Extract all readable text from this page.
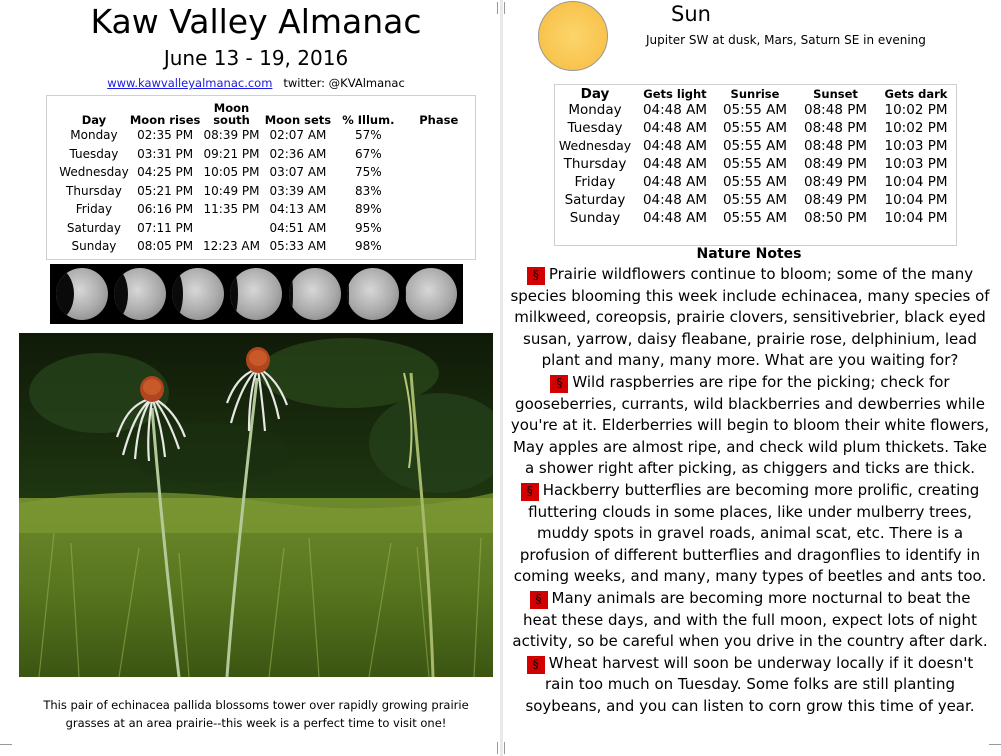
Kaw Valley Almanac
June 13 - 19, 2016
www.kawvalleyalmanac.com twitter: @KVAlmanac
Day	Moon rises	Moon south	Moon sets	% Illum.	Phase
Monday	02:35 PM	08:39 PM	02:07 AM	57%	
Tuesday	03:31 PM	09:21 PM	02:36 AM	67%	
Wednesday	04:25 PM	10:05 PM	03:07 AM	75%	
Thursday	05:21 PM	10:49 PM	03:39 AM	83%	
Friday	06:16 PM	11:35 PM	04:13 AM	89%	
Saturday	07:11 PM		04:51 AM	95%	
Sunday	08:05 PM	12:23 AM	05:33 AM	98%	
This pair of echinacea pallida blossoms tower over rapidly growing prairie
grasses at an area prairie--this week is a perfect time to visit one!
Sun
Jupiter SW at dusk, Mars, Saturn SE in evening
Day	Gets light	Sunrise	Sunset	Gets dark
Monday	04:48 AM	05:55 AM	08:48 PM	10:02 PM
Tuesday	04:48 AM	05:55 AM	08:48 PM	10:02 PM
Wednesday	04:48 AM	05:55 AM	08:48 PM	10:03 PM
Thursday	04:48 AM	05:55 AM	08:49 PM	10:03 PM
Friday	04:48 AM	05:55 AM	08:49 PM	10:04 PM
Saturday	04:48 AM	05:55 AM	08:49 PM	10:04 PM
Sunday	04:48 AM	05:55 AM	08:50 PM	10:04 PM
Nature Notes
§ Prairie wildflowers continue to bloom; some of the many
species blooming this week include echinacea, many species of
milkweed, coreopsis, prairie clovers, sensitivebrier, black eyed
susan, yarrow, daisy fleabane, prairie rose, delphinium, lead
plant and many, many more. What are you waiting for?
§ Wild raspberries are ripe for the picking; check for
gooseberries, currants, wild blackberries and dewberries while
you're at it. Elderberries will begin to bloom their white flowers,
May apples are almost ripe, and check wild plum thickets. Take
a shower right after picking, as chiggers and ticks are thick.
§ Hackberry butterflies are becoming more prolific, creating
fluttering clouds in some places, like under mulberry trees,
muddy spots in gravel roads, animal scat, etc. There is a
profusion of different butterflies and dragonflies to identify in
coming weeks, and many, many types of beetles and ants too.
§ Many animals are becoming more nocturnal to beat the
heat these days, and with the full moon, expect lots of night
activity, so be careful when you drive in the country after dark.
§ Wheat harvest will soon be underway locally if it doesn't
rain too much on Tuesday. Some folks are still planting
soybeans, and you can listen to corn grow this time of year.
